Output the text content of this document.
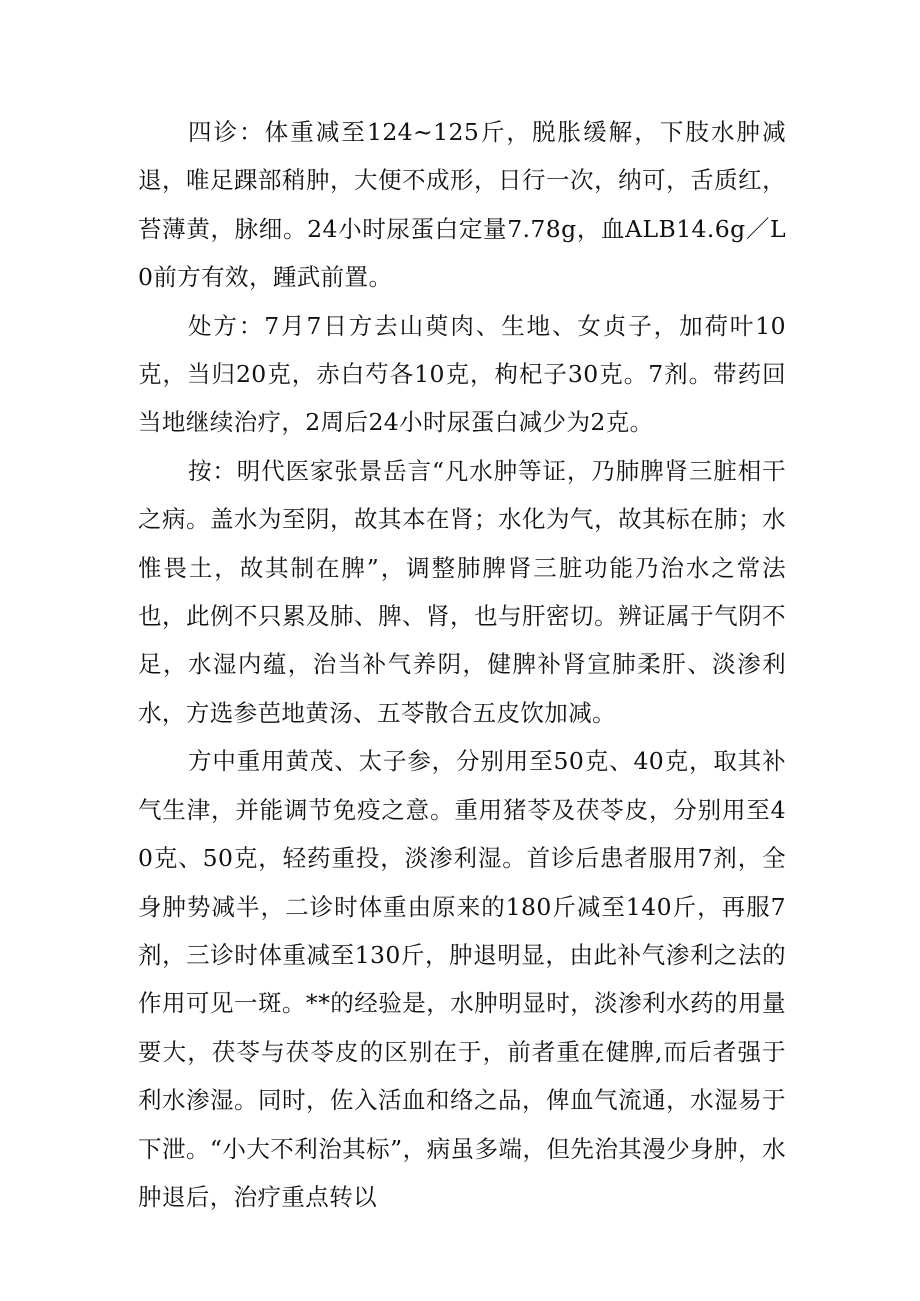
四诊：体重减至124~125斤，脱胀缓解，下肢水肿减退，唯足踝部稍肿，大便不成形，日行一次，纳可，舌质红，苔薄黄，脉细。24小时尿蛋白定量7.78g，血ALB14.6g／L0前方有效，踵武前置。

处方：7月7日方去山萸肉、生地、女贞子，加荷叶10克，当归20克，赤白芍各10克，枸杞子30克。7剂。带药回当地继续治疗，2周后24小时尿蛋白减少为2克。

按：明代医家张景岳言“凡水肿等证，乃肺脾肾三脏相干之病。盖水为至阴，故其本在肾；水化为气，故其标在肺；水惟畏土，故其制在脾”，调整肺脾肾三脏功能乃治水之常法也，此例不只累及肺、脾、肾，也与肝密切。辨证属于气阴不足，水湿内蕴，治当补气养阴，健脾补肾宣肺柔肝、淡渗利水，方选参芭地黄汤、五苓散合五皮饮加减。

方中重用黄茂、太子参，分别用至50克、40克，取其补气生津，并能调节免疫之意。重用猪苓及茯苓皮，分别用至40克、50克，轻药重投，淡渗利湿。首诊后患者服用7剂，全身肿势减半，二诊时体重由原来的180斤减至140斤，再服7剂，三诊时体重减至130斤，肿退明显，由此补气渗利之法的作用可见一斑。**的经验是，水肿明显时，淡渗利水药的用量要大，茯苓与茯苓皮的区别在于，前者重在健脾,而后者强于利水渗湿。同时，佐入活血和络之品，俾血气流通，水湿易于下泄。“小大不利治其标”，病虽多端，但先治其漫少身肿，水肿退后，治疗重点转以
